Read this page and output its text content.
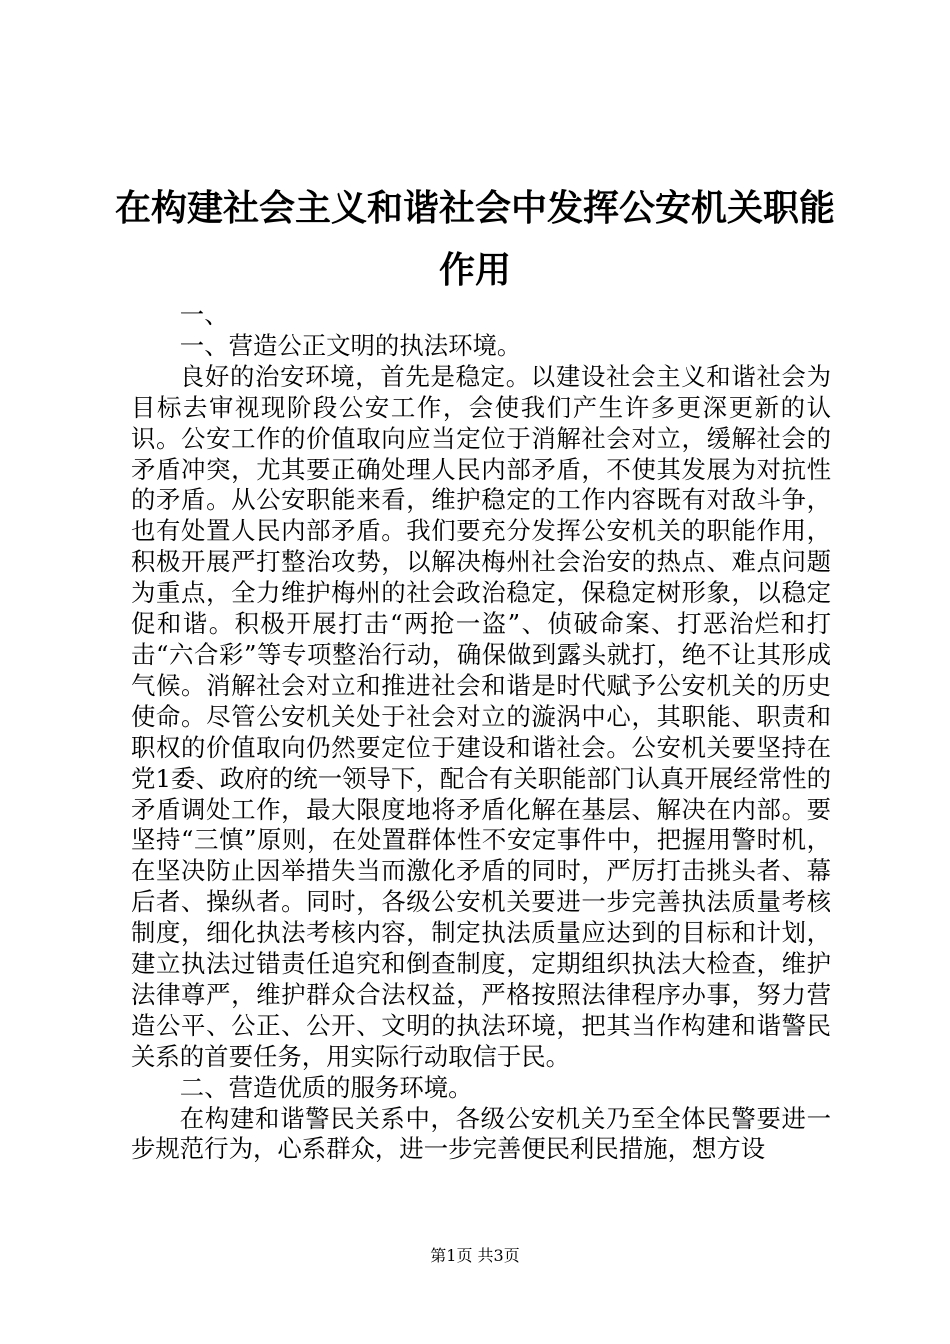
在构建社会主义和谐社会中发挥公安机关职能
作用

一、

一、营造公正文明的执法环境。

良好的治安环境，首先是稳定。以建设社会主义和谐社会为目标去审视现阶段公安工作，会使我们产生许多更深更新的认识。公安工作的价值取向应当定位于消解社会对立，缓解社会的矛盾冲突，尤其要正确处理人民内部矛盾，不使其发展为对抗性的矛盾。从公安职能来看，维护稳定的工作内容既有对敌斗争，也有处置人民内部矛盾。我们要充分发挥公安机关的职能作用，积极开展严打整治攻势，以解决梅州社会治安的热点、难点问题为重点，全力维护梅州的社会政治稳定，保稳定树形象，以稳定促和谐。积极开展打击“两抢一盗”、侦破命案、打恶治烂和打击“六合彩”等专项整治行动，确保做到露头就打，绝不让其形成气候。消解社会对立和推进社会和谐是时代赋予公安机关的历史使命。尽管公安机关处于社会对立的漩涡中心，其职能、职责和职权的价值取向仍然要定位于建设和谐社会。公安机关要坚持在党1委、政府的统一领导下，配合有关职能部门认真开展经常性的矛盾调处工作，最大限度地将矛盾化解在基层、解决在内部。要坚持“三慎”原则，在处置群体性不安定事件中，把握用警时机，在坚决防止因举措失当而激化矛盾的同时，严厉打击挑头者、幕后者、操纵者。同时，各级公安机关要进一步完善执法质量考核制度，细化执法考核内容，制定执法质量应达到的目标和计划，建立执法过错责任追究和倒查制度，定期组织执法大检查，维护法律尊严，维护群众合法权益，严格按照法律程序办事，努力营造公平、公正、公开、文明的执法环境，把其当作构建和谐警民关系的首要任务，用实际行动取信于民。

二、营造优质的服务环境。

在构建和谐警民关系中，各级公安机关乃至全体民警要进一步规范行为，心系群众，进一步完善便民利民措施，想方设

第1页 共3页
